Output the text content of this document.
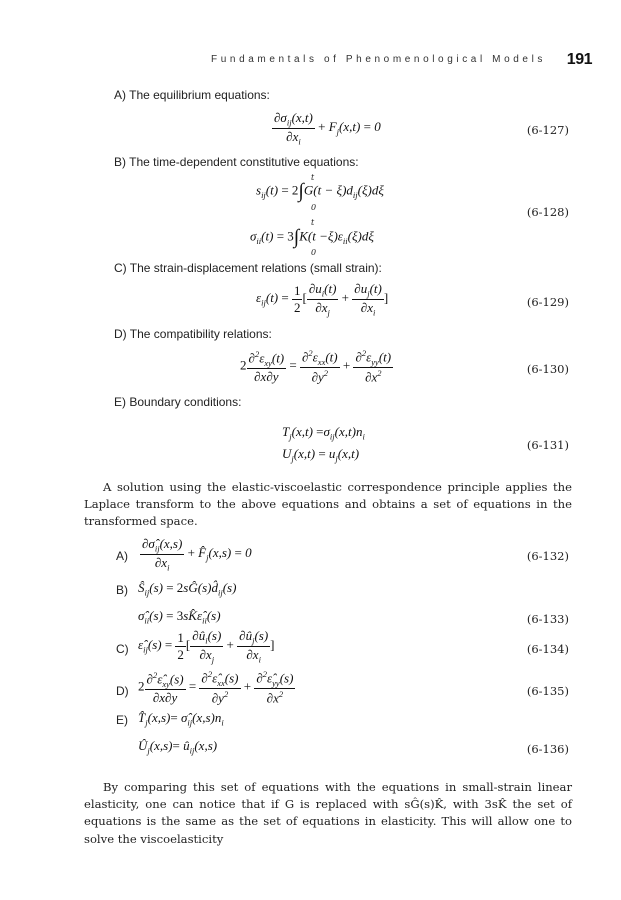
Fundamentals of Phenomenological Models 191
A) The equilibrium equations:
$\frac{\partial\sigma_{ij}(x,t)}{\partial x_i} + F_j(x,t) = 0$	(6-127)
B) The time-dependent constitutive equations:
$s_{ij}(t) = 2\int G(t - \xi)d_{ij}(\xi)d\xi$
t
0	(6-128)
$\sigma_{ii}(t) = 3\int K(t -\xi)\varepsilon_{ii}(\xi)d\xi$
t
0
C) The strain-displacement relations (small strain):
$\varepsilon_{ij}(t) = \frac{1}{2}$ [ $\frac{\partial u_i(t)}{\partial x_j} + \frac{\partial u_j(t)}{\partial x_i}$ ]	(6-129)
D) The compatibility relations:
$2 \frac{\partial^2\varepsilon_{xy}(t)}{\partial x\partial y} = \frac{\partial^2\varepsilon_{xx}(t)}{\partial y^2} + \frac{\partial^2\varepsilon_{yy}(t)}{\partial x^2}$	(6-130)
E) Boundary conditions:
$T_j(x,t) =\sigma_{ij}(x,t)n_i$
(6-131)
$U_j(x,t) = u_j(x,t)$

A solution using the elastic-viscoelastic correspondence principle applies the Laplace transform to the above equations and obtains a set of equations in the transformed space.

$A) \frac{\partial\sigmâ_{ij}(x,s)}{\partial x_i}$ + $F̂_j(x,s) = 0$	(6-132)
B) $Ŝ_{ij}(s)$ = $2sĜ(s)d̂_{ij}(s)$
$\sigmâ_{ii}(s)$ = $3sK̂\varepsilon̂_{ii}(s)$	(6-133)
C) $\varepsilon̂_{ij}(s) = \frac{1}{2}$ [ $\frac{\partial û_i(s)}{\partial x_j} + \frac{\partial û_j(s)}{\partial x_i}$ ]	(6-134)
D) $2 \frac{\partial^2\varepsilon̂_{xy}(s)}{\partial x\partial y} = \frac{\partial^2\varepsilon̂_{xx}(s)}{\partial y^2} + \frac{\partial^2\varepsilon̂_{yy}(s)}{\partial x^2}$	(6-135)
E) $T̂_j(x,s)=$ $\sigmâ_{ij}(x,s)n_i$
$Û_j(x,s)=$ $û_{ij}(x,s)$	(6-136)

By comparing this set of equations with the equations in small-strain linear elasticity, one can notice that if G is replaced with sĜ(s)K̂, with 3sK̂ the set of equations is the same as the set of equations in elasticity. This will allow one to solve the viscoelasticity
